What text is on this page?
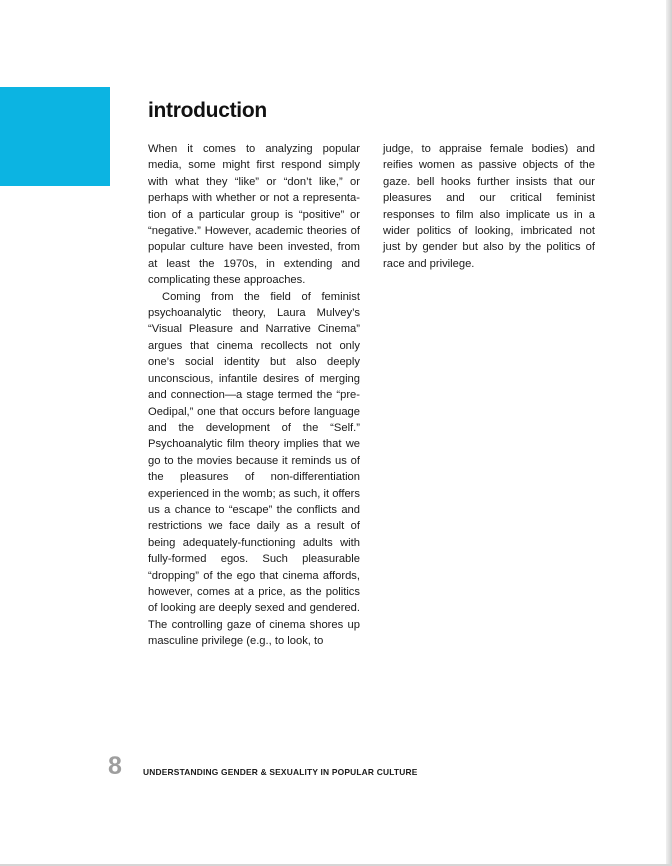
introduction

When it comes to analyzing popular media, some might first respond simply with what they “like” or “don’t like,” or perhaps with whether or not a representation of a particular group is “positive” or “negative.” However, academic theories of popular culture have been invested, from at least the 1970s, in extending and complicating these approaches.

Coming from the field of feminist psychoanalytic theory, Laura Mulvey’s “Visual Pleasure and Narrative Cinema” argues that cinema recollects not only one’s social identity but also deeply unconscious, infantile desires of merging and connection—a stage termed the “pre-Oedipal,” one that occurs before language and the development of the “Self.” Psychoanalytic film theory implies that we go to the movies because it reminds us of the pleasures of non-differentiation experienced in the womb; as such, it offers us a chance to “escape” the conflicts and restrictions we face daily as a result of being adequately-functioning adults with fully-formed egos. Such pleasurable “dropping” of the ego that cinema affords, however, comes at a price, as the politics of looking are deeply sexed and gendered. The controlling gaze of cinema shores up masculine privilege (e.g., to look, to

judge, to appraise female bodies) and reifies women as passive objects of the gaze. bell hooks further insists that our pleasures and our critical feminist responses to film also implicate us in a wider politics of looking, imbricated not just by gender but also by the politics of race and privilege.

8	UNDERSTANDING GENDER & SEXUALITY IN POPULAR CULTURE
